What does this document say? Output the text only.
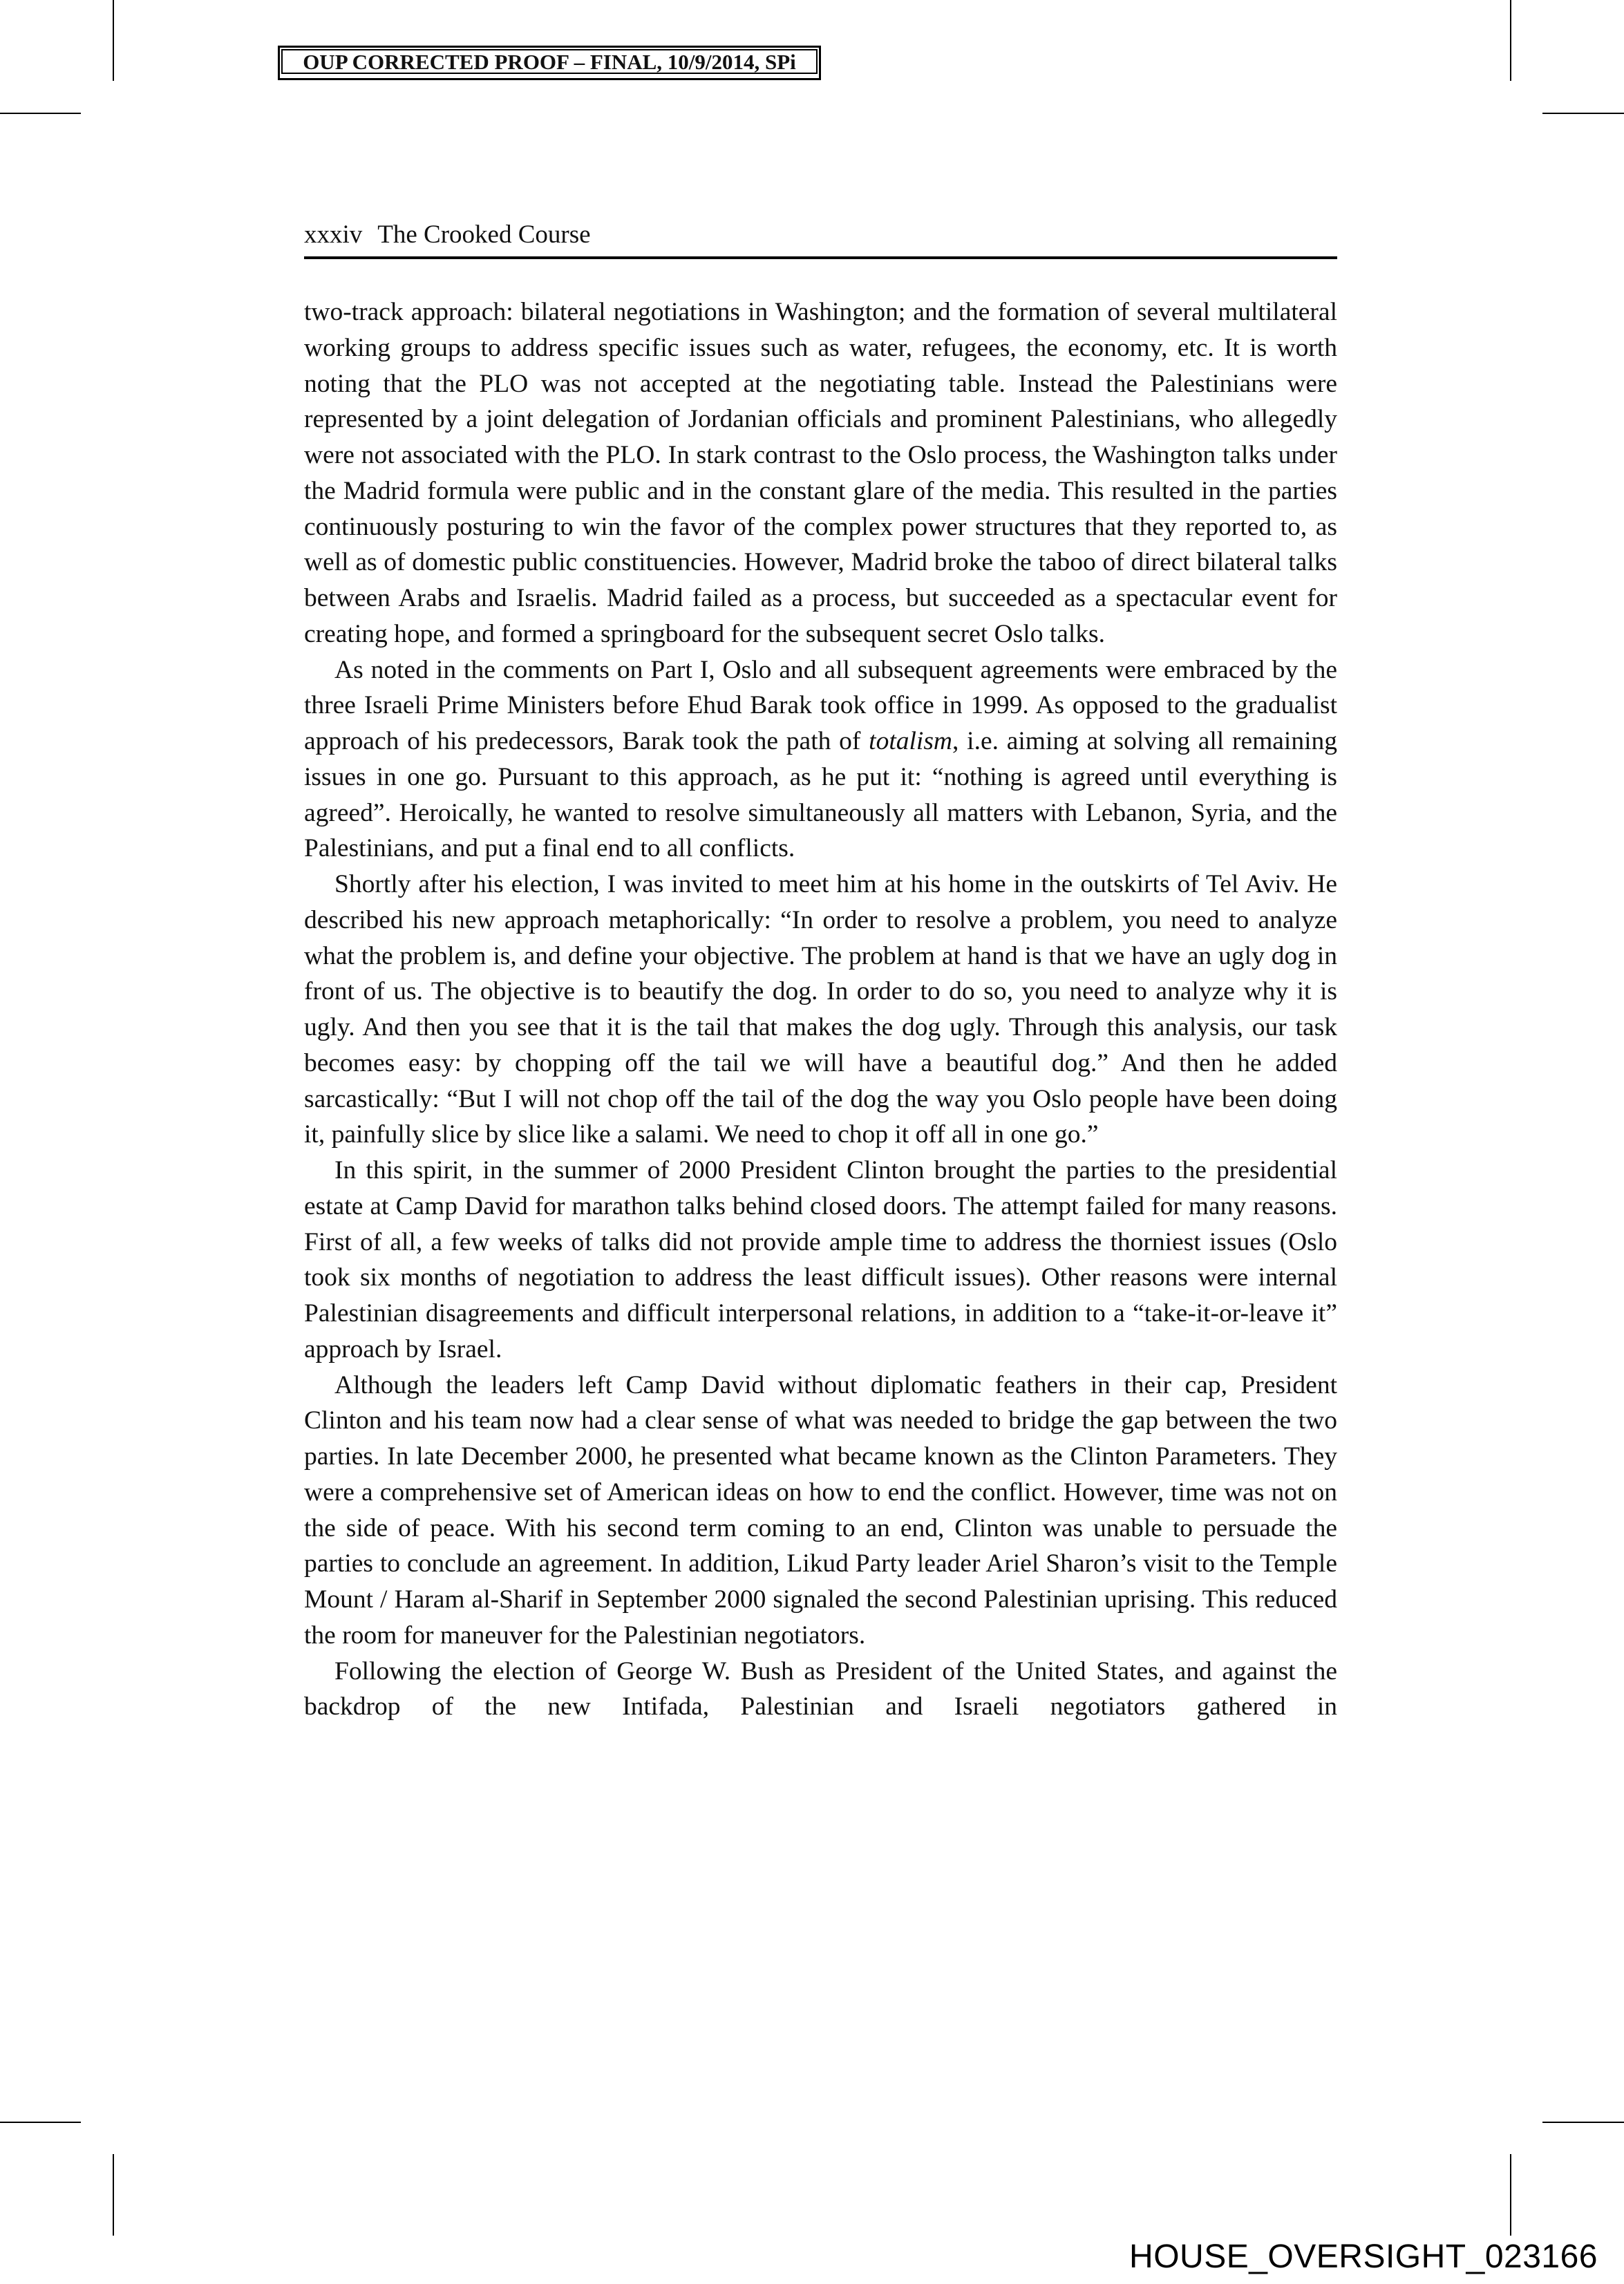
OUP CORRECTED PROOF – FINAL, 10/9/2014, SPi
xxxiv The Crooked Course

two-track approach: bilateral negotiations in Washington; and the formation of several multilateral working groups to address specific issues such as water, refugees, the economy, etc. It is worth noting that the PLO was not accepted at the negotiating table. Instead the Palestinians were represented by a joint delegation of Jordanian officials and prominent Palestinians, who allegedly were not associated with the PLO. In stark contrast to the Oslo process, the Washington talks under the Madrid formula were public and in the constant glare of the media. This resulted in the parties continuously posturing to win the favor of the complex power structures that they reported to, as well as of domestic public constituencies. However, Madrid broke the taboo of direct bilateral talks between Arabs and Israelis. Madrid failed as a process, but succeeded as a spectacular event for creating hope, and formed a springboard for the subsequent secret Oslo talks.

As noted in the comments on Part I, Oslo and all subsequent agreements were embraced by the three Israeli Prime Ministers before Ehud Barak took office in 1999. As opposed to the gradualist approach of his predecessors, Barak took the path of totalism, i.e. aiming at solving all remaining issues in one go. Pursuant to this approach, as he put it: “nothing is agreed until everything is agreed”. Heroically, he wanted to resolve simultaneously all matters with Lebanon, Syria, and the Palestinians, and put a final end to all conflicts.

Shortly after his election, I was invited to meet him at his home in the outskirts of Tel Aviv. He described his new approach metaphorically: “In order to resolve a problem, you need to analyze what the problem is, and define your objective. The problem at hand is that we have an ugly dog in front of us. The objective is to beautify the dog. In order to do so, you need to analyze why it is ugly. And then you see that it is the tail that makes the dog ugly. Through this analysis, our task becomes easy: by chopping off the tail we will have a beautiful dog.” And then he added sarcastically: “But I will not chop off the tail of the dog the way you Oslo people have been doing it, painfully slice by slice like a salami. We need to chop it off all in one go.”

In this spirit, in the summer of 2000 President Clinton brought the parties to the presidential estate at Camp David for marathon talks behind closed doors. The attempt failed for many reasons. First of all, a few weeks of talks did not provide ample time to address the thorniest issues (Oslo took six months of negotiation to address the least difficult issues). Other reasons were internal Palestinian disagreements and difficult interpersonal relations, in addition to a “take-it-or-leave it” approach by Israel.

Although the leaders left Camp David without diplomatic feathers in their cap, President Clinton and his team now had a clear sense of what was needed to bridge the gap between the two parties. In late December 2000, he presented what became known as the Clinton Parameters. They were a comprehensive set of American ideas on how to end the conflict. However, time was not on the side of peace. With his second term coming to an end, Clinton was unable to persuade the parties to conclude an agreement. In addition, Likud Party leader Ariel Sharon’s visit to the Temple Mount / Haram al-Sharif in September 2000 signaled the second Palestinian uprising. This reduced the room for maneuver for the Palestinian negotiators.

Following the election of George W. Bush as President of the United States, and against the backdrop of the new Intifada, Palestinian and Israeli negotiators gathered in

HOUSE_OVERSIGHT_023166
